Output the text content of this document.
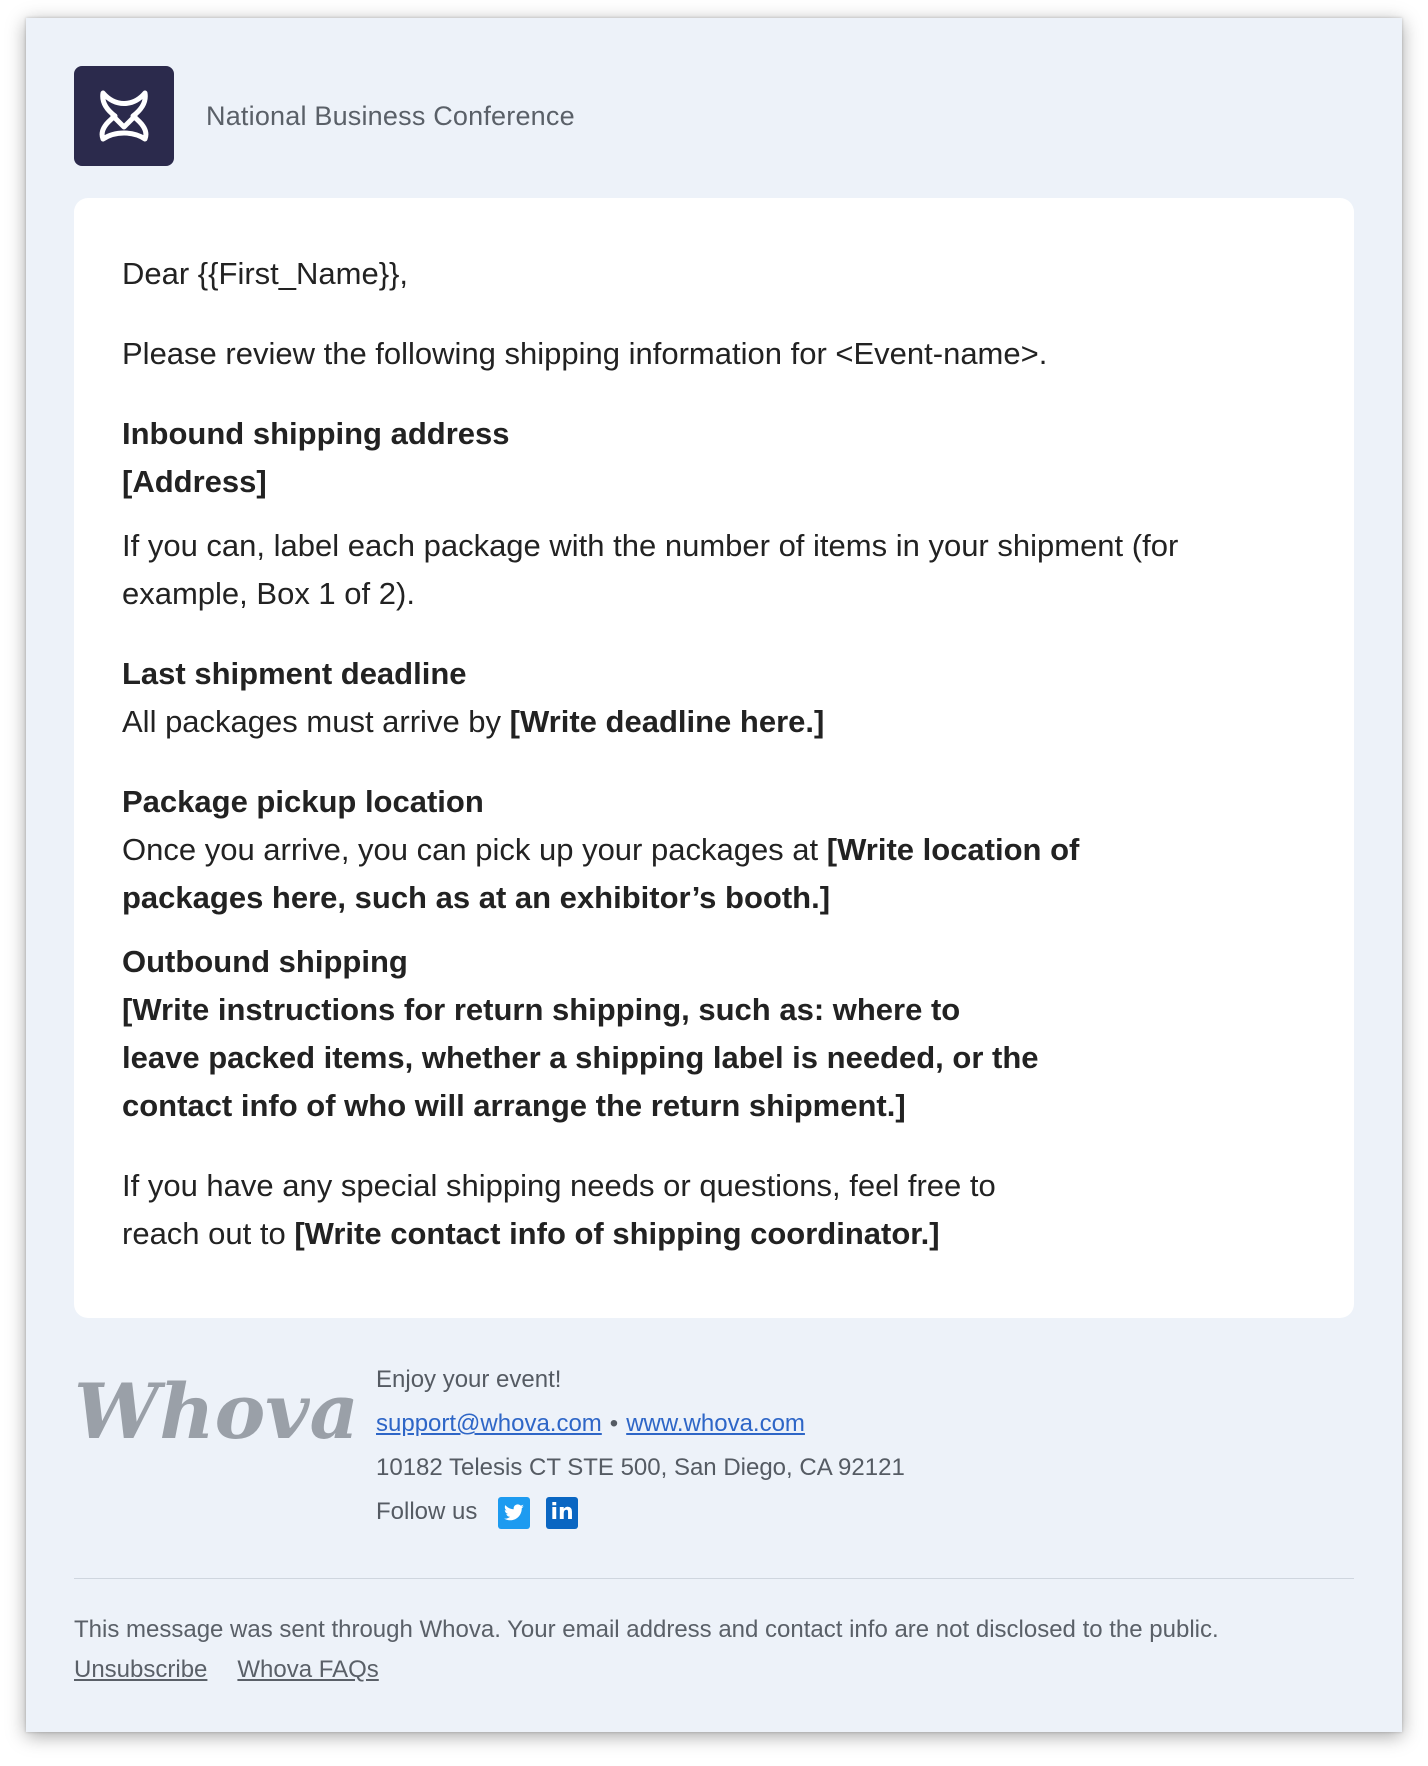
National Business Conference

Dear {{First_Name}},

Please review the following shipping information for <Event-name>.

Inbound shipping address

[Address]

If you can, label each package with the number of items in your shipment (for example, Box 1 of 2).

Last shipment deadline

All packages must arrive by [Write deadline here.]

Package pickup location

Once you arrive, you can pick up your packages at [Write location of packages here, such as at an exhibitor’s booth.]

Outbound shipping

[Write instructions for return shipping, such as: where to leave packed items, whether a shipping label is needed, or the contact info of who will arrange the return shipment.]

If you have any special shipping needs or questions, feel free to reach out to [Write contact info of shipping coordinator.]

Whova Enjoy your event!
support@whova.com • www.whova.com
10182 Telesis CT STE 500, San Diego, CA 92121
Follow us	in
This message was sent through Whova. Your email address and contact info are not disclosed to the public.
Unsubscribe Whova FAQs
